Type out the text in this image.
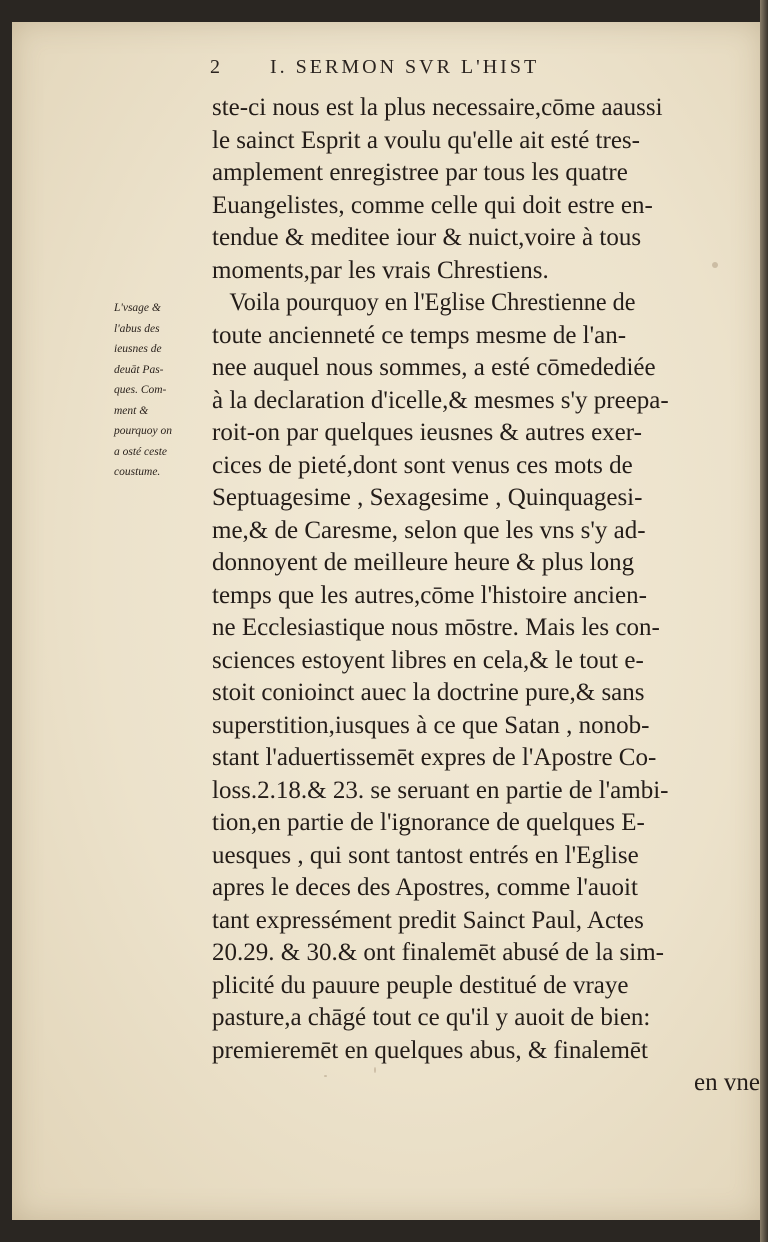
2 I. SERMON SVR L'HIST
L'vsage &
l'abus des
ieusnes de
deuāt Pas-
ques. Com-
ment &
pourquoy on
a osté ceste
coustume.
ste-ci nous est la plus necessaire,cōme aaussi
le sainct Esprit a voulu qu'elle ait esté tres-
amplement enregistree par tous les quatre
Euangelistes, comme celle qui doit estre en-
tendue & meditee iour & nuict,voire à tous
moments,par les vrais Chrestiens.
Voila pourquoy en l'Eglise Chrestienne de
toute ancienneté ce temps mesme de l'an-
nee auquel nous sommes, a esté cōmedediée
à la declaration d'icelle,& mesmes s'y preepa-
roit-on par quelques ieusnes & autres exer-
cices de pieté,dont sont venus ces mots de
Septuagesime , Sexagesime , Quinquagesi-
me,& de Caresme, selon que les vns s'y ad-
donnoyent de meilleure heure & plus long
temps que les autres,cōme l'histoire ancien-
ne Ecclesiastique nous mōstre. Mais les con-
sciences estoyent libres en cela,& le tout e-
stoit conioinct auec la doctrine pure,& sans
superstition,iusques à ce que Satan , nonob-
stant l'aduertissemēt expres de l'Apostre Co-
loss.2.18.& 23. se seruant en partie de l'ambi-
tion,en partie de l'ignorance de quelques E-
uesques , qui sont tantost entrés en l'Eglise
apres le deces des Apostres, comme l'auoit
tant expressément predit Sainct Paul, Actes
20.29. & 30.& ont finalemēt abusé de la sim-
plicité du pauure peuple destitué de vraye
pasture,a chāgé tout ce qu'il y auoit de bien:
premieremēt en quelques abus, & finalemēt
en vne
